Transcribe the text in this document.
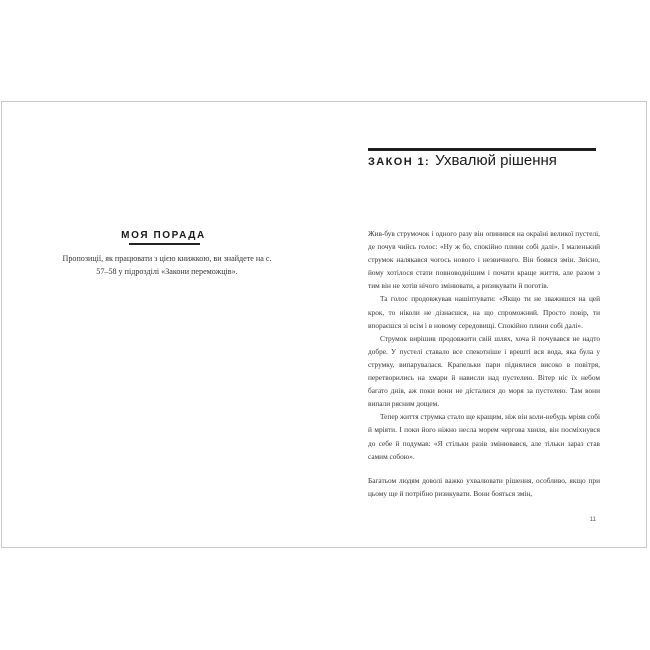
МОЯ ПОРАДА
Пропозиції, як працювати з цією книжкою, ви знайдете на с. 57–58 у підрозділі «Закони переможців».
ЗАКОН 1: Ухвалюй рішення

Жив-був струмочок і одного разу він опинився на окраїні великої пустелі, де почув чийсь голос: «Ну ж бо, спокійно плини собі далі». І маленький струмок налякався чогось нового і незвичного. Він боявся змін. Звісно, йому хотілося стати повноводнішим і почати краще життя, але разом з тим він не хотів нічого змінювати, а ризикувати й поготів.

Та голос продовжував нашіптувати: «Якщо ти не зважишся на цей крок, то ніколи не дізнаєшся, на що спроможний. Просто повір, ти впораєшся зі всім і в новому середовищі. Спокійно плини собі далі».

Струмок вирішив продовжити свій шлях, хоча й почувався не надто добре. У пустелі ставало все спекотніше і врешті вся вода, яка була у струмку, випарувалася. Крапельки пари піднялися високо в повітря, перетворились на хмари й нависли над пустелею. Вітер ніс їх небом багато днів, аж поки вони не дісталися до моря за пустелею. Там вони випали рясним дощем.

Тепер життя струмка стало ще кращим, ніж він коли-небудь мріяв собі й мріяти. І поки його ніжно несла морем чергова хвиля, він посміхнувся до себе й подумав: «Я стільки разів змінювався, але тільки зараз став самим собою».

Багатьом людям доволі важко ухвалювати рішення, особливо, якщо при цьому ще й потрібно ризикувати. Вони бояться змін,

11
